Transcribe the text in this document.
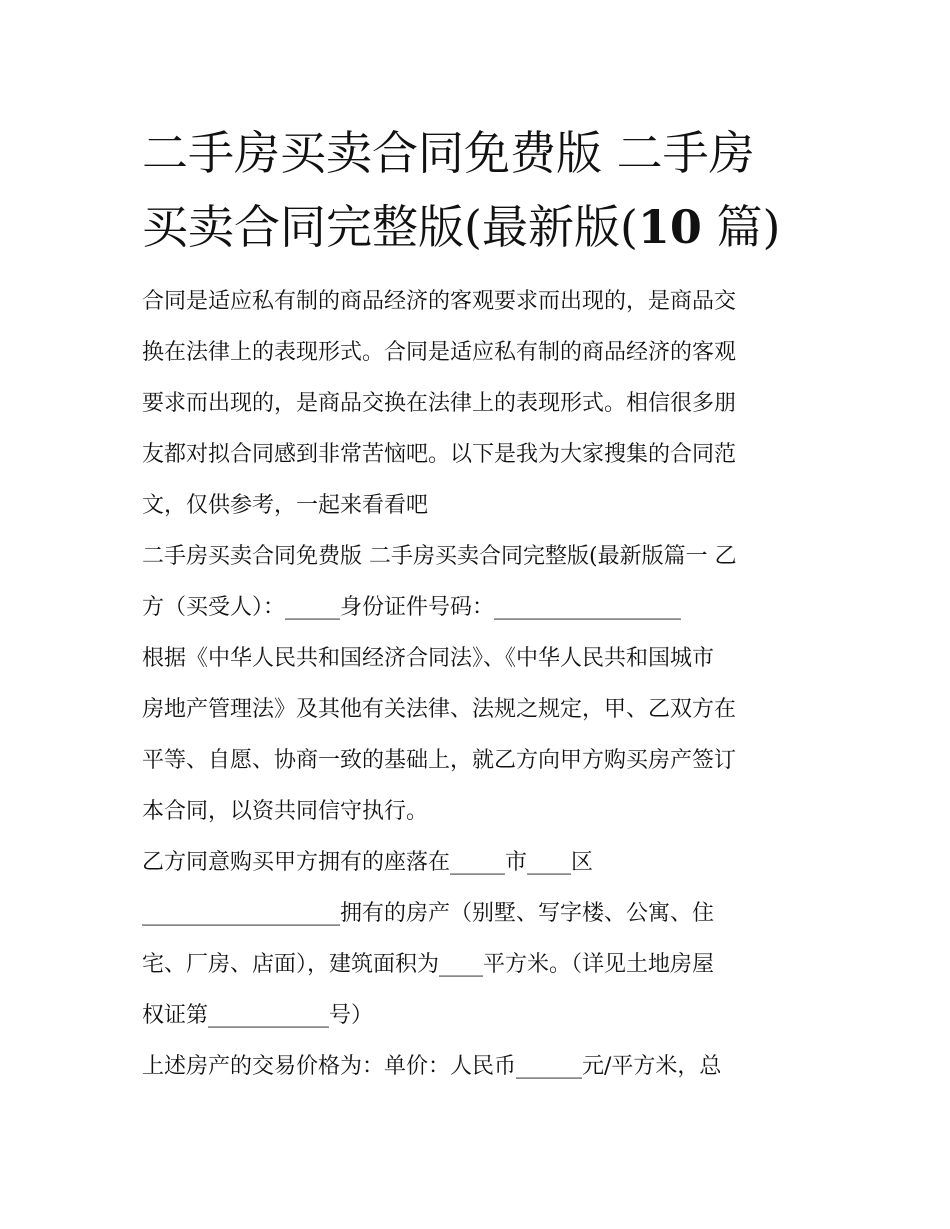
二手房买卖合同免费版 二手房
买卖合同完整版(最新版(10 篇)
合同是适应私有制的商品经济的客观要求而出现的，是商品交
换在法律上的表现形式。合同是适应私有制的商品经济的客观
要求而出现的，是商品交换在法律上的表现形式。相信很多朋
友都对拟合同感到非常苦恼吧。以下是我为大家搜集的合同范
文，仅供参考，一起来看看吧
二手房买卖合同免费版 二手房买卖合同完整版(最新版篇一 乙
方（买受人）：_____身份证件号码：_________________
根据《中华人民共和国经济合同法》、《中华人民共和国城市
房地产管理法》及其他有关法律、法规之规定，甲、乙双方在
平等、自愿、协商一致的基础上，就乙方向甲方购买房产签订
本合同，以资共同信守执行。
乙方同意购买甲方拥有的座落在_____市____区
__________________拥有的房产（别墅、写字楼、公寓、住
宅、厂房、店面），建筑面积为____平方米。（详见土地房屋
权证第___________号）
上述房产的交易价格为：单价：人民币______元/平方米，总
